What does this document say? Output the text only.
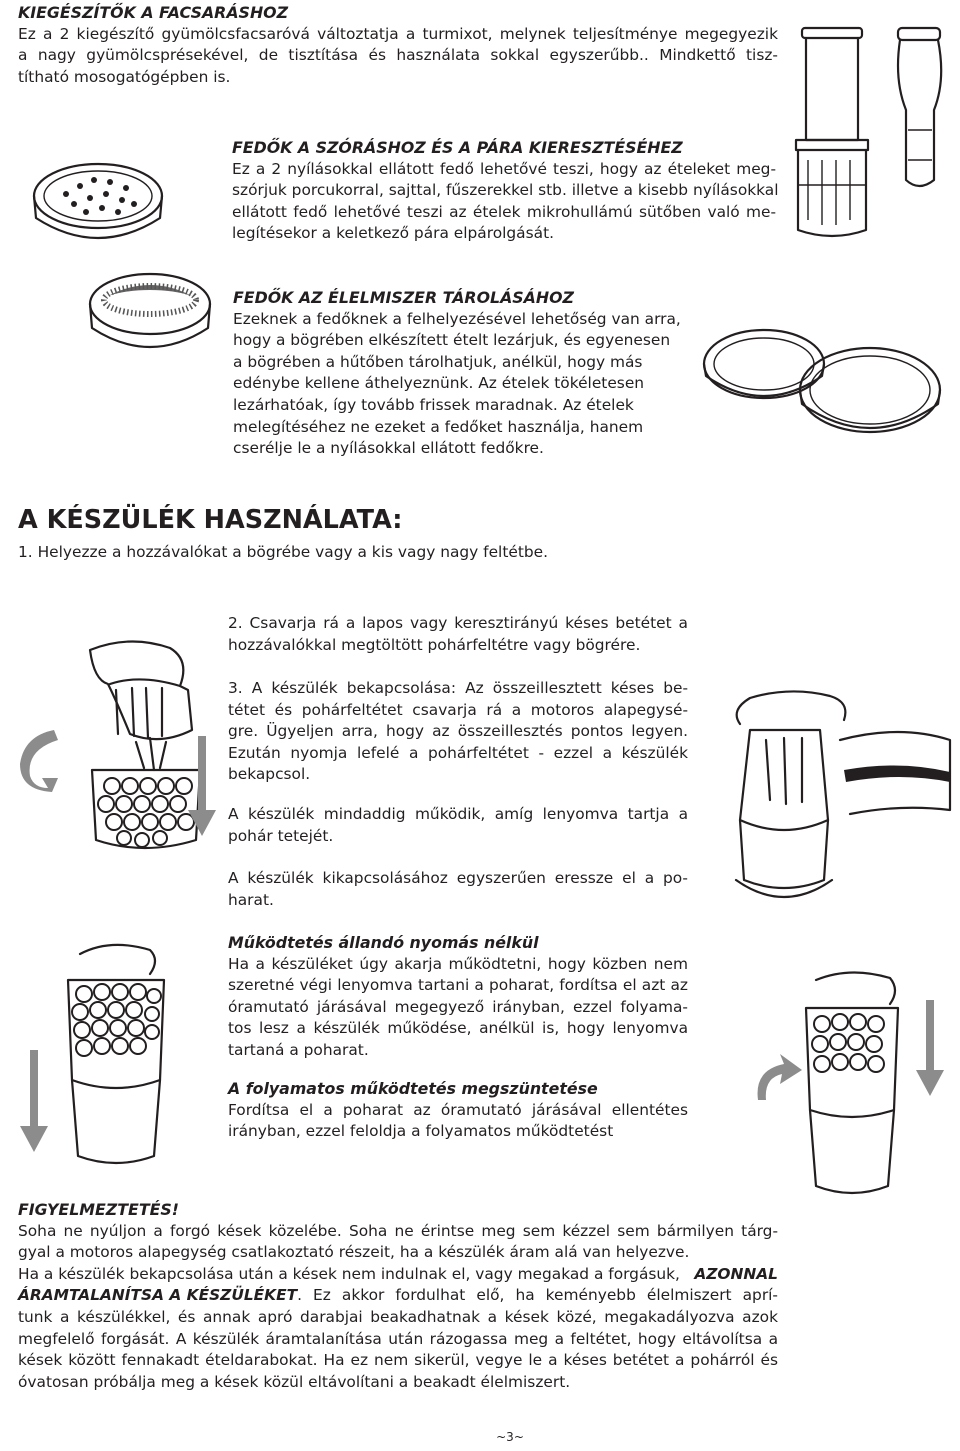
KIEGÉSZÍTŐK A FACSARÁSHOZ
Ez a 2 kiegészítő gyümölcsfacsaróvá változtatja a turmixot, melynek teljesítménye megegyezik
a nagy gyümölcsprésekével, de tisztítása és használata sokkal egyszerűbb.. Mindkettő tisz-
títható mosogatógépben is.
FEDŐK A SZÓRÁSHOZ ÉS A PÁRA KIERESZTÉSÉHEZ
Ez a 2 nyílásokkal ellátott fedő lehetővé teszi, hogy az ételeket meg-
szórjuk porcukorral, sajttal, fűszerekkel stb. illetve a kisebb nyílásokkal
ellátott fedő lehetővé teszi az ételek mikrohullámú sütőben való me-
legítésekor a keletkező pára elpárolgását.
FEDŐK AZ ÉLELMISZER TÁROLÁSÁHOZ
Ezeknek a fedőknek a felhelyezésével lehetőség van arra,
hogy a bögrében elkészített ételt lezárjuk, és egyenesen
a bögrében a hűtőben tárolhatjuk, anélkül, hogy más
edénybe kellene áthelyeznünk. Az ételek tökéletesen
lezárhatóak, így tovább frissek maradnak. Az ételek
melegítéséhez ne ezeket a fedőket használja, hanem
cserélje le a nyílásokkal ellátott fedőkre.
A KÉSZÜLÉK HASZNÁLATA:
1. Helyezze a hozzávalókat a bögrébe vagy a kis vagy nagy feltétbe.
2. Csavarja rá a lapos vagy keresztirányú késes betétet a
hozzávalókkal megtöltött pohárfeltétre vagy bögrére.
3. A készülék bekapcsolása: Az összeillesztett késes be-
tétet és pohárfeltétet csavarja rá a motoros alapegysé-
gre. Ügyeljen arra, hogy az összeillesztés pontos legyen.
Ezután nyomja lefelé a pohárfeltétet - ezzel a készülék
bekapcsol.
A készülék mindaddig működik, amíg lenyomva tartja a
pohár tetejét.
A készülék kikapcsolásához egyszerűen eressze el a po-
harat.
Működtetés állandó nyomás nélkül
Ha a készüléket úgy akarja működtetni, hogy közben nem
szeretné végi lenyomva tartani a poharat, fordítsa el azt az
óramutató járásával megegyező irányban, ezzel folyama-
tos lesz a készülék működése, anélkül is, hogy lenyomva
tartaná a poharat.
A folyamatos működtetés megszüntetése
Fordítsa el a poharat az óramutató járásával ellentétes
irányban, ezzel feloldja a folyamatos működtetést
FIGYELMEZTETÉS!
Soha ne nyúljon a forgó kések közelébe. Soha ne érintse meg sem kézzel sem bármilyen tárg-
gyal a motoros alapegység csatlakoztató részeit, ha a készülék áram alá van helyezve.
Ha a készülék bekapcsolása után a kések nem indulnak el, vagy megakad a forgásuk, AZONNAL
ÁRAMTALANÍTSA A KÉSZÜLÉKET . Ez akkor fordulhat elő, ha keményebb élelmiszert aprí-
tunk a készülékkel, és annak apró darabjai beakadhatnak a kések közé, megakadályozva azok
megfelelő forgását. A készülék áramtalanítása után rázogassa meg a feltétet, hogy eltávolítsa a
kések között fennakadt ételdarabokat. Ha ez nem sikerül, vegye le a késes betétet a pohárról és
óvatosan próbálja meg a kések közül eltávolítani a beakadt élelmiszert.
~3~
